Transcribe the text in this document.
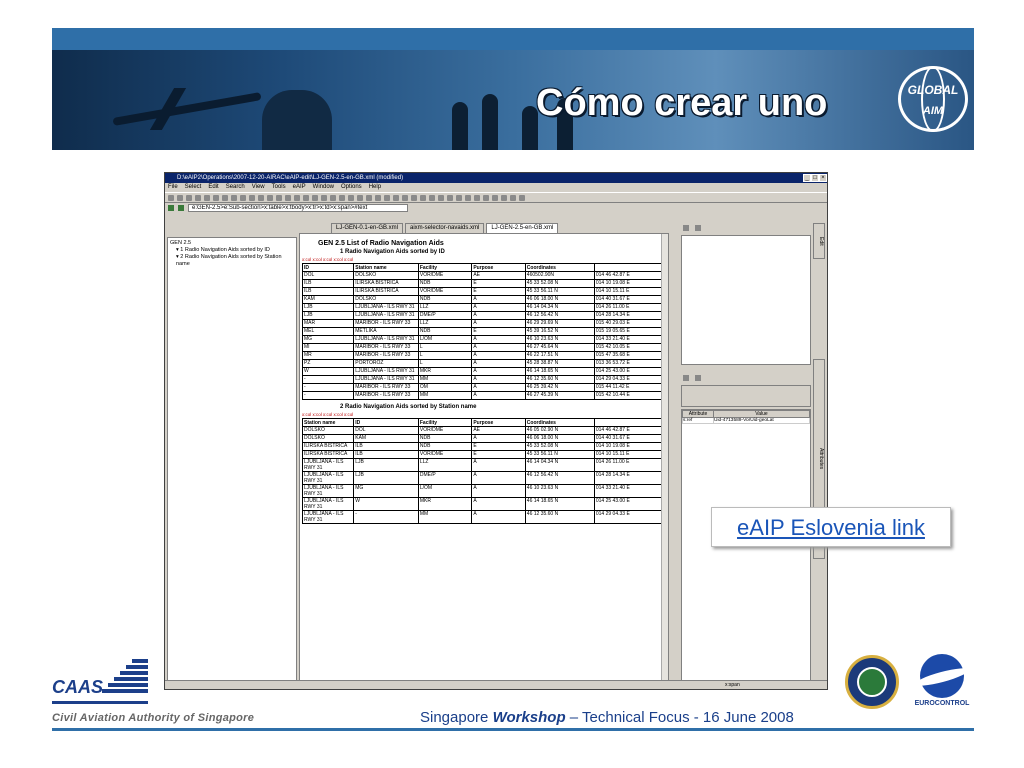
Cómo crear uno	GLOBAL
AIM
D:\eAIP2\Operations\2007-12-20-AIRAC\eAIP-edit\LJ-GEN-2.5-en-GB.xml (modified)	_ □ ×
File Select Edit Search View Tools eAIP Window Options Help
e:GEN-2.5>e:Sub-section>x:table>x:tbody>x:tr>x:td>x:span>#text
LJ-GEN-0.1-en-GB.xml	aixm-selector-navaids.xml	LJ-GEN-2.5-en-GB.xml
GEN 2.5
▾ 1 Radio Navigation Aids sorted by ID
▾ 2 Radio Navigation Aids sorted by Station name
GEN 2.5 List of Radio Navigation Aids
1 Radio Navigation Aids sorted by ID
x:col x:col x:col x:col x:col
ID	Station name	Facility	Purpose	Coordinates	
DOL	DOLSKO	VOR/DME	AE	460502.90N	014 46 42.87 E
ILB	ILIRSKA BISTRICA	NDB	E	45 33 52.08 N	014 10 19.08 E
ILB	ILIRSKA BISTRICA	VOR/DME	E	45 33 56.11 N	014 10 15.11 E
KAM	DOLSKO	NDB	A	46 06 18.00 N	014 40 31.67 E
LJB	LJUBLJANA - ILS RWY 31	LLZ	A	46 14 04.34 N	014 26 11.00 E
LJB	LJUBLJANA - ILS RWY 31	DME/P	A	46 12 56.42 N	014 28 14.34 E
MAR	MARIBOR - ILS RWY 33	LLZ	A	46 29 29.69 N	015 40 29.03 E
MEL	METLIKA	NDB	E	45 39 16.52 N	015 19 05.65 E
MG	LJUBLJANA - ILS RWY 31	L/OM	A	46 10 23.63 N	014 33 21.40 E
MI	MARIBOR - ILS RWY 33	L	A	46 27 45.64 N	015 42 10.05 E
MR	MARIBOR - ILS RWY 33	L	A	46 22 17.51 N	015 47 35.68 E
PZ	PORTOROŽ	L	A	45 28 38.87 N	013 36 53.72 E
W	LJUBLJANA - ILS RWY 31	MKR	A	46 14 18.65 N	014 25 43.00 E
-	LJUBLJANA - ILS RWY 31	MM	A	46 12 35.60 N	014 29 04.33 E
-	MARIBOR - ILS RWY 33	OM	A	46 25 39.42 N	015 44 11.42 E
-	MARIBOR - ILS RWY 33	MM	A	46 27 45.39 N	015 42 10.44 E
2 Radio Navigation Aids sorted by Station name
x:col x:col x:col x:col x:col
Station name	ID	Facility	Purpose	Coordinates	
DOLSKO	DOL	VOR/DME	AE	46 05 02.90 N	014 46 42.87 E
DOLSKO	KAM	NDB	A	46 06 18.00 N	014 40 31.67 E
ILIRSKA BISTRICA	ILB	NDB	E	45 33 52.08 N	014 10 19.08 E
ILIRSKA BISTRICA	ILB	VOR/DME	E	45 33 56.11 N	014 10 15.11 E
LJUBLJANA - ILS RWY 31	LJB	LLZ	A	46 14 04.34 N	014 26 11.00 E
LJUBLJANA - ILS RWY 31	LJB	DME/P	A	46 12 56.42 N	014 28 14.34 E
LJUBLJANA - ILS RWY 31	MG	L/OM	A	46 10 23.63 N	014 33 21.40 E
LJUBLJANA - ILS RWY 31	W	MKR	A	46 14 18.65 N	014 25 43.00 E
LJUBLJANA - ILS RWY 31	-	MM	A	46 12 35.60 N	014 29 04.33 E

Attribute	Value
s:ref	Uid-4713589-VorUid-geoLat
Edit
Attributes
x:span
eAIP Eslovenia link
CAAS
Civil Aviation Authority of Singapore	Singapore Workshop – Technical Focus - 16 June 2008
EUROCONTROL
